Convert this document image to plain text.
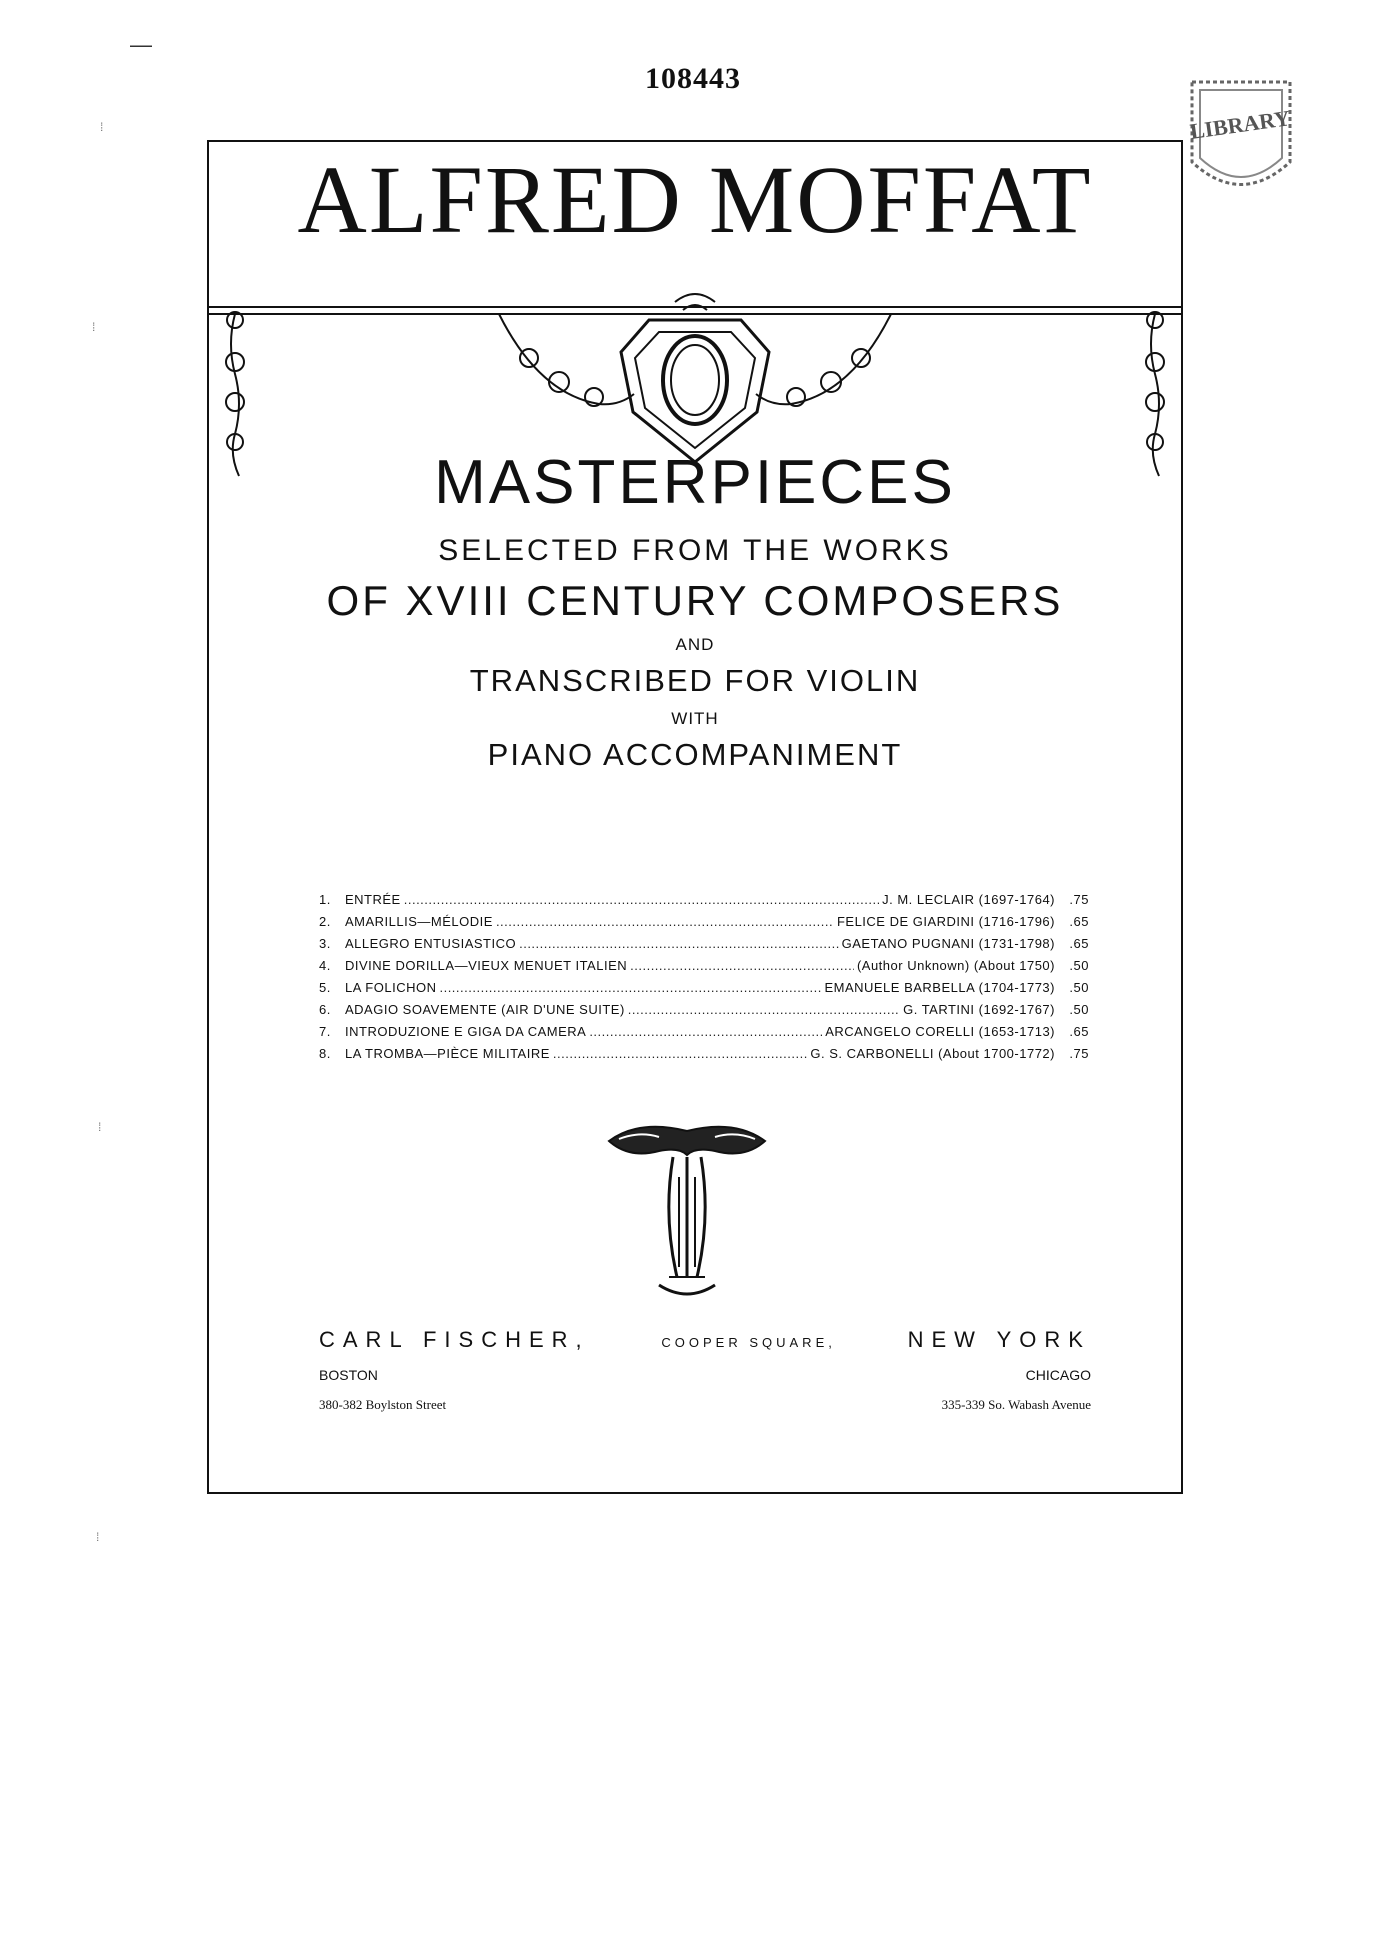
108443
LIBRARY
—
ALFRED MOFFAT
MASTERPIECES
SELECTED FROM THE WORKS
OF XVIII CENTURY COMPOSERS
AND
TRANSCRIBED FOR VIOLIN
WITH
PIANO ACCOMPANIMENT
1.	ENTRÉE .....	J. M. LECLAIR (1697-1764)	.75
2.	AMARILLIS—MÉLODIE .....	FELICE DE GIARDINI (1716-1796)	.65
3.	ALLEGRO ENTUSIASTICO .....	GAETANO PUGNANI (1731-1798)	.65
4.	DIVINE DORILLA—VIEUX MENUET ITALIEN .....	(Author Unknown) (About 1750)	.50
5.	LA FOLICHON .....	EMANUELE BARBELLA (1704-1773)	.50
6.	ADAGIO SOAVEMENTE (AIR D'UNE SUITE) .....	G. TARTINI (1692-1767)	.50
7.	INTRODUZIONE E GIGA DA CAMERA .....	ARCANGELO CORELLI (1653-1713)	.65
8.	LA TROMBA—PIÈCE MILITAIRE .....	G. S. CARBONELLI (About 1700-1772)	.75
CARL FISCHER,	COOPER SQUARE,	NEW YORK
BOSTON	CHICAGO
380-382 Boylston Street	335-339 So. Wabash Avenue
⁞
⁞
⁞
⁞
